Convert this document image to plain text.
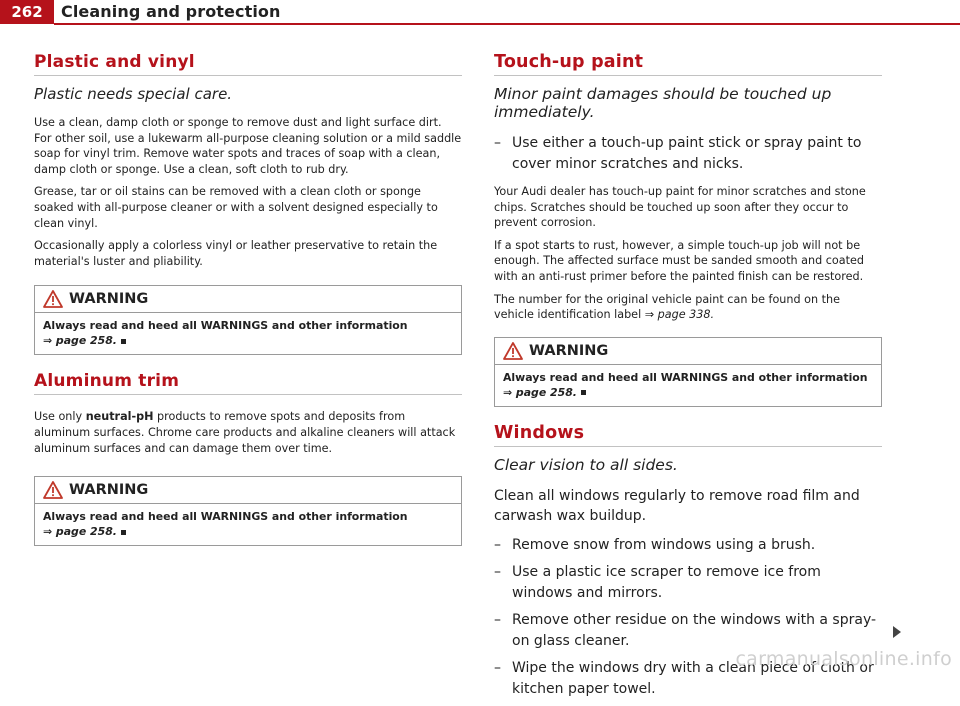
262	Cleaning and protection
Plastic and vinyl

Plastic needs special care.

Use a clean, damp cloth or sponge to remove dust and light surface dirt. For other soil, use a lukewarm all-purpose cleaning solution or a mild saddle soap for vinyl trim. Remove water spots and traces of soap with a clean, damp cloth or sponge. Use a clean, soft cloth to rub dry.

Grease, tar or oil stains can be removed with a clean cloth or sponge soaked with all-purpose cleaner or with a solvent designed especially to clean vinyl.

Occasionally apply a colorless vinyl or leather preservative to retain the material's luster and pliability.

WARNING
Always read and heed all WARNINGS and other information
⇒ page 258.
Aluminum trim

Use only neutral-pH products to remove spots and deposits from aluminum surfaces. Chrome care products and alkaline cleaners will attack aluminum surfaces and can damage them over time.

WARNING
Always read and heed all WARNINGS and other information
⇒ page 258.
Touch-up paint

Minor paint damages should be touched up immediately.

– Use either a touch-up paint stick or spray paint to cover minor scratches and nicks.

Your Audi dealer has touch-up paint for minor scratches and stone chips. Scratches should be touched up soon after they occur to prevent corrosion.

If a spot starts to rust, however, a simple touch-up job will not be enough. The affected surface must be sanded smooth and coated with an anti-rust primer before the painted finish can be restored.

The number for the original vehicle paint can be found on the vehicle identification label ⇒ page 338.

WARNING
Always read and heed all WARNINGS and other information
⇒ page 258.
Windows

Clear vision to all sides.

Clean all windows regularly to remove road film and carwash wax buildup.

– Remove snow from windows using a brush.
– Use a plastic ice scraper to remove ice from windows and mirrors.
– Remove other residue on the windows with a spray-on glass cleaner.
– Wipe the windows dry with a clean piece of cloth or kitchen paper towel.
carmanualsonline.info
